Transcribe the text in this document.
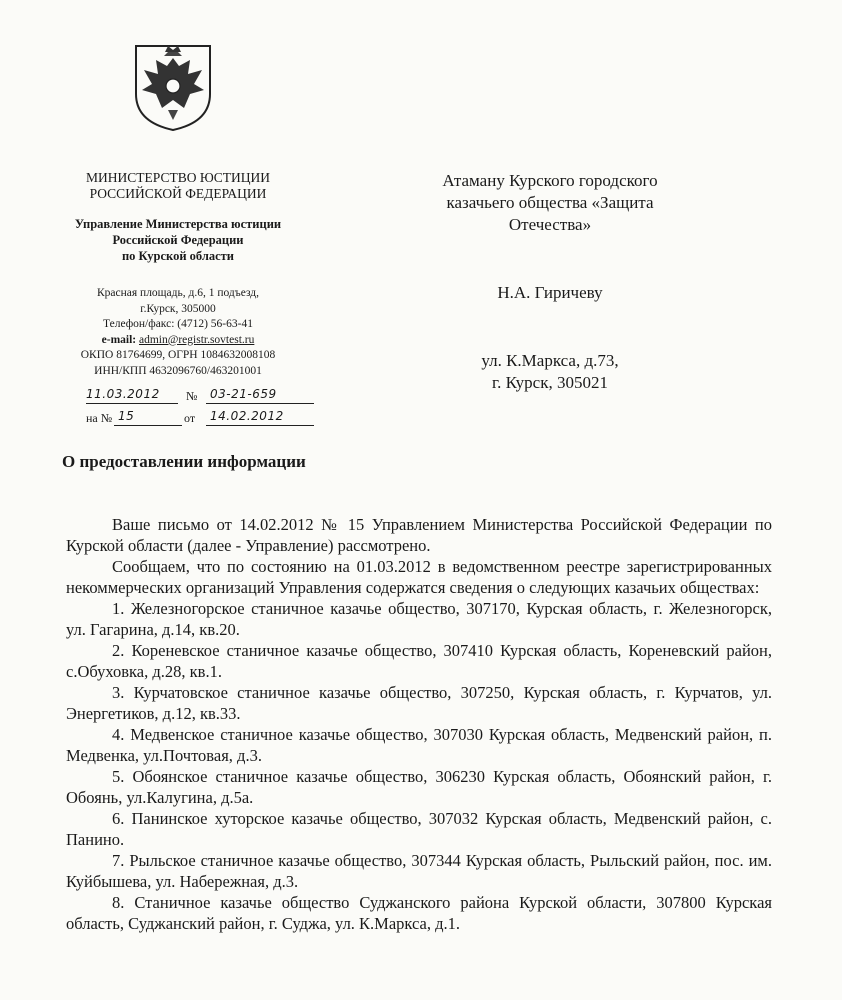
МИНИСТЕРСТВО ЮСТИЦИИ
РОССИЙСКОЙ ФЕДЕРАЦИИ
Управление Министерства юстиции
Российской Федерации
по Курской области
Красная площадь, д.6, 1 подъезд,
г.Курск, 305000
Телефон/факс: (4712) 56-63-41
e-mail: admin@registr.sovtest.ru
ОКПО 81764699, ОГРН 1084632008108
ИНН/КПП 4632096760/463201001
11.03.2012	№	03-21-659
на № 15	от	14.02.2012
Атаману Курского городского
казачьего общества «Защита
Отечества»
Н.А. Гиричеву
ул. К.Маркса, д.73,
г. Курск, 305021
О предоставлении информации

Ваше письмо от 14.02.2012 № 15 Управлением Министерства Российской Федерации по Курской области (далее - Управление) рассмотрено.

Сообщаем, что по состоянию на 01.03.2012 в ведомственном реестре зарегистрированных некоммерческих организаций Управления содержатся сведения о следующих казачьих обществах:

1. Железногорское станичное казачье общество, 307170, Курская область, г. Железногорск, ул. Гагарина, д.14, кв.20.
2. Кореневское станичное казачье общество, 307410 Курская область, Кореневский район, с.Обуховка, д.28, кв.1.
3. Курчатовское станичное казачье общество, 307250, Курская область, г. Курчатов, ул. Энергетиков, д.12, кв.33.
4. Медвенское станичное казачье общество, 307030 Курская область, Медвенский район, п. Медвенка, ул.Почтовая, д.3.
5. Обоянское станичное казачье общество, 306230 Курская область, Обоянский район, г. Обоянь, ул.Калугина, д.5а.
6. Панинское хуторское казачье общество, 307032 Курская область, Медвенский район, с. Панино.
7. Рыльское станичное казачье общество, 307344 Курская область, Рыльский район, пос. им. Куйбышева, ул. Набережная, д.3.
8. Станичное казачье общество Суджанского района Курской области, 307800 Курская область, Суджанский район, г. Суджа, ул. К.Маркса, д.1.
